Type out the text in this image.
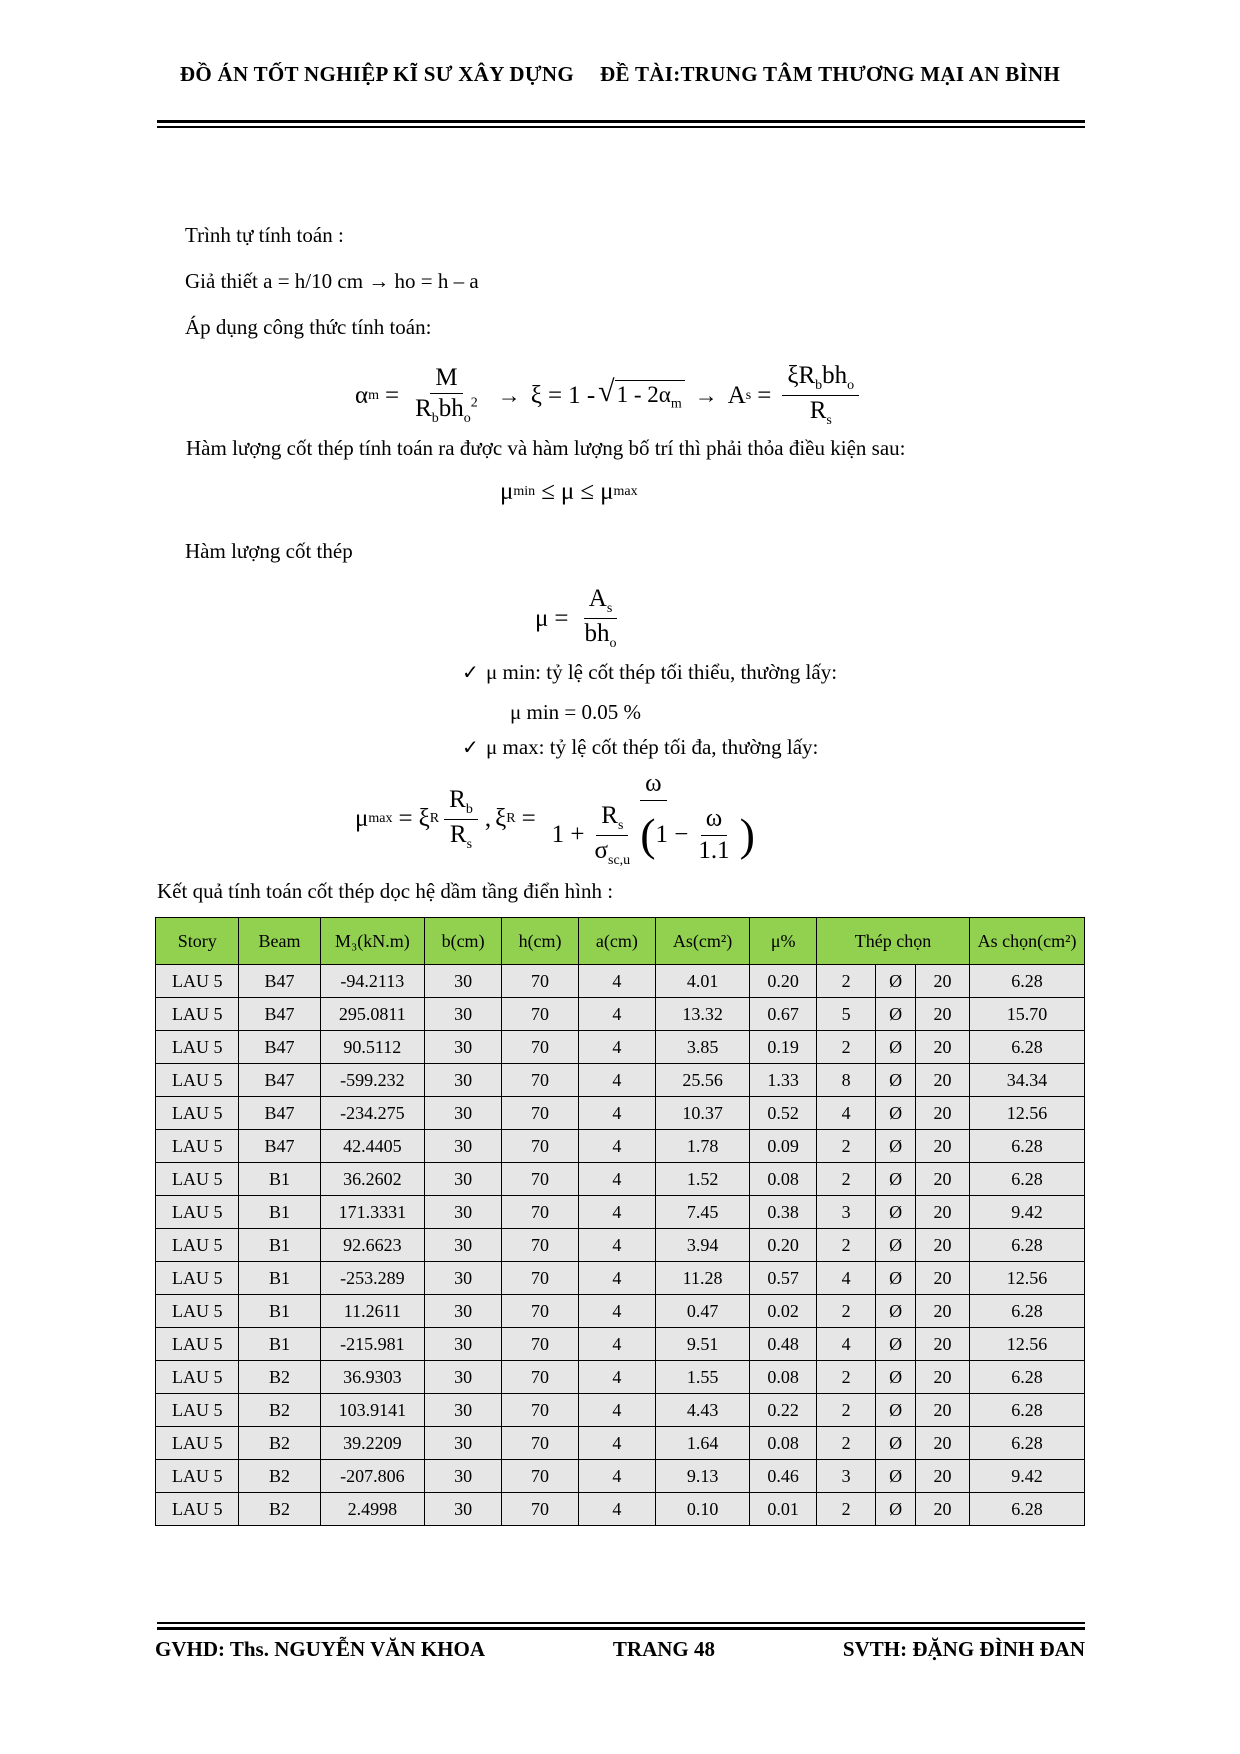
ĐỒ ÁN TỐT NGHIỆP KĨ SƯ XÂY DỰNG ĐỀ TÀI:TRUNG TÂM THƯƠNG MẠI AN BÌNH
Trình tự tính toán :
Giả thiết a = h/10 cm → ho = h – a
Áp dụng công thức tính toán:
α $m = \frac{M}{R_bbh_o^2} \to \xi = 1$ - √ $1 - 2\alpha_m \to A$ $s = \frac{\xi R_bbh_o}{R_s}$
Hàm lượng cốt thép tính toán ra được và hàm lượng bố trí thì phải thỏa điều kiện sau:
μ min ≤ μ ≤ μ max
Hàm lượng cốt thép
$\mu = \frac{A_s}{bh_o}$
✓ μ min: tỷ lệ cốt thép tối thiểu, thường lấy:
μ min = 0.05 %
✓ μ max: tỷ lệ cốt thép tối đa, thường lấy:
μ max = ξ R $\frac{R_b}{R_s}$ , ξ R =
ω
$1 + \frac{R_s}{\sigma_{sc,u}}$ ( $1 - \frac{\omega}{1.1}$ )
Kết quả tính toán cốt thép dọc hệ dầm tầng điển hình :
Story	Beam	M₃(kN.m)	b(cm)	h(cm)	a(cm)	As(cm²)	μ%	Thép chọn			As chọn(cm²)
LAU 5	B47	-94.2113	30	70	4	4.01	0.20	2	Ø	20	6.28
LAU 5	B47	295.0811	30	70	4	13.32	0.67	5	Ø	20	15.70
LAU 5	B47	90.5112	30	70	4	3.85	0.19	2	Ø	20	6.28
LAU 5	B47	-599.232	30	70	4	25.56	1.33	8	Ø	20	34.34
LAU 5	B47	-234.275	30	70	4	10.37	0.52	4	Ø	20	12.56
LAU 5	B47	42.4405	30	70	4	1.78	0.09	2	Ø	20	6.28
LAU 5	B1	36.2602	30	70	4	1.52	0.08	2	Ø	20	6.28
LAU 5	B1	171.3331	30	70	4	7.45	0.38	3	Ø	20	9.42
LAU 5	B1	92.6623	30	70	4	3.94	0.20	2	Ø	20	6.28
LAU 5	B1	-253.289	30	70	4	11.28	0.57	4	Ø	20	12.56
LAU 5	B1	11.2611	30	70	4	0.47	0.02	2	Ø	20	6.28
LAU 5	B1	-215.981	30	70	4	9.51	0.48	4	Ø	20	12.56
LAU 5	B2	36.9303	30	70	4	1.55	0.08	2	Ø	20	6.28
LAU 5	B2	103.9141	30	70	4	4.43	0.22	2	Ø	20	6.28
LAU 5	B2	39.2209	30	70	4	1.64	0.08	2	Ø	20	6.28
LAU 5	B2	-207.806	30	70	4	9.13	0.46	3	Ø	20	9.42
LAU 5	B2	2.4998	30	70	4	0.10	0.01	2	Ø	20	6.28
GVHD: Ths. NGUYỄN VĂN KHOA	TRANG 48	SVTH: ĐẶNG ĐÌNH ĐAN
